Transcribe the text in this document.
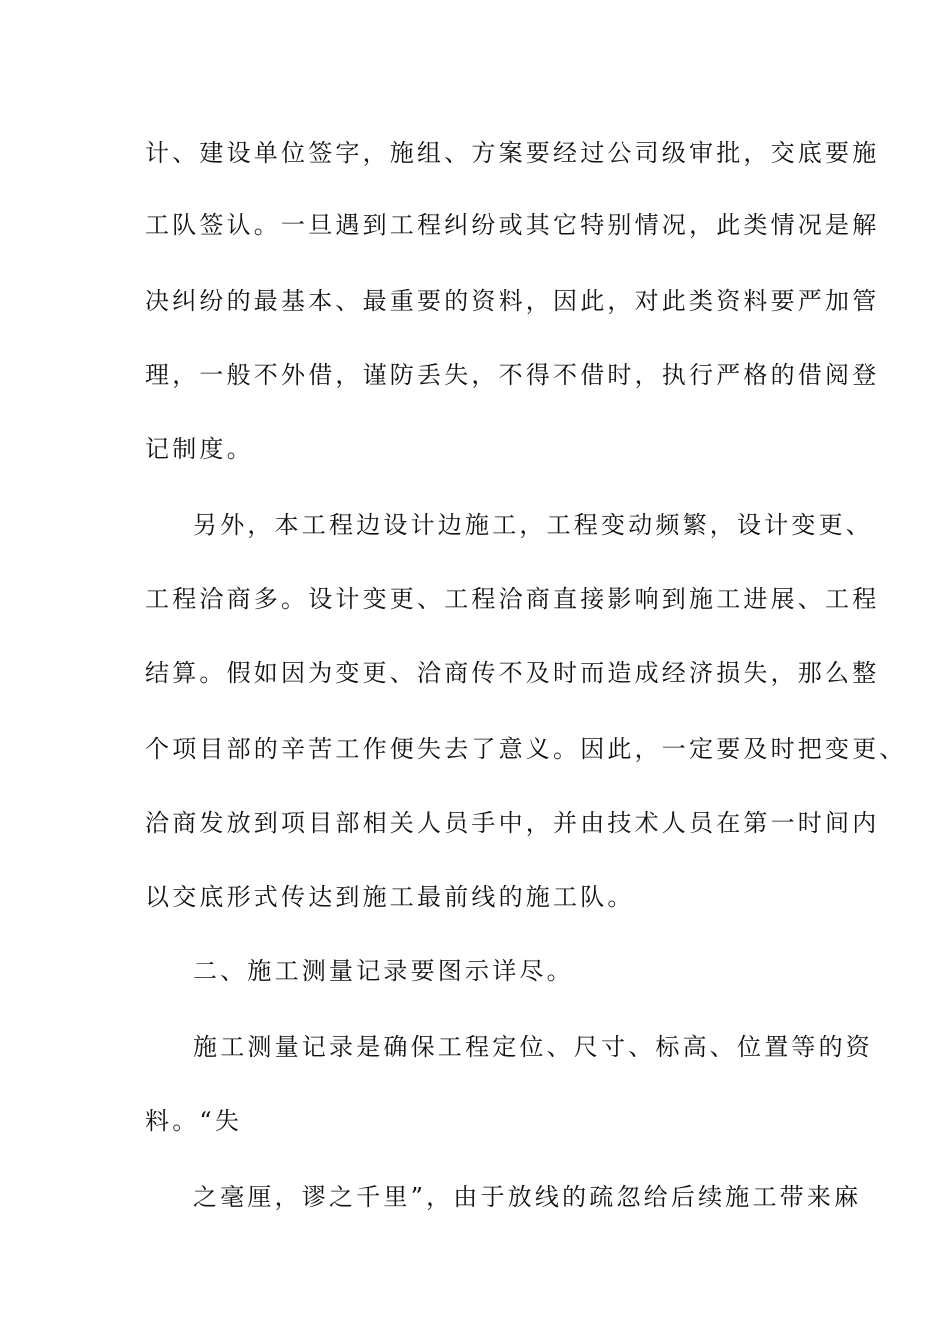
计、建设单位签字，施组、方案要经过公司级审批，交底要施
工队签认。一旦遇到工程纠纷或其它特别情况，此类情况是解
决纠纷的最基本、最重要的资料，因此，对此类资料要严加管
理，一般不外借，谨防丢失，不得不借时，执行严格的借阅登
记制度。
另外，本工程边设计边施工，工程变动频繁，设计变更、
工程洽商多。设计变更、工程洽商直接影响到施工进展、工程
结算。假如因为变更、洽商传不及时而造成经济损失，那么整
个项目部的辛苦工作便失去了意义。因此，一定要及时把变更、
洽商发放到项目部相关人员手中，并由技术人员在第一时间内
以交底形式传达到施工最前线的施工队。
二、施工测量记录要图示详尽。
施工测量记录是确保工程定位、尺寸、标高、位置等的资
料。“失
之毫厘，谬之千里”，由于放线的疏忽给后续施工带来麻
